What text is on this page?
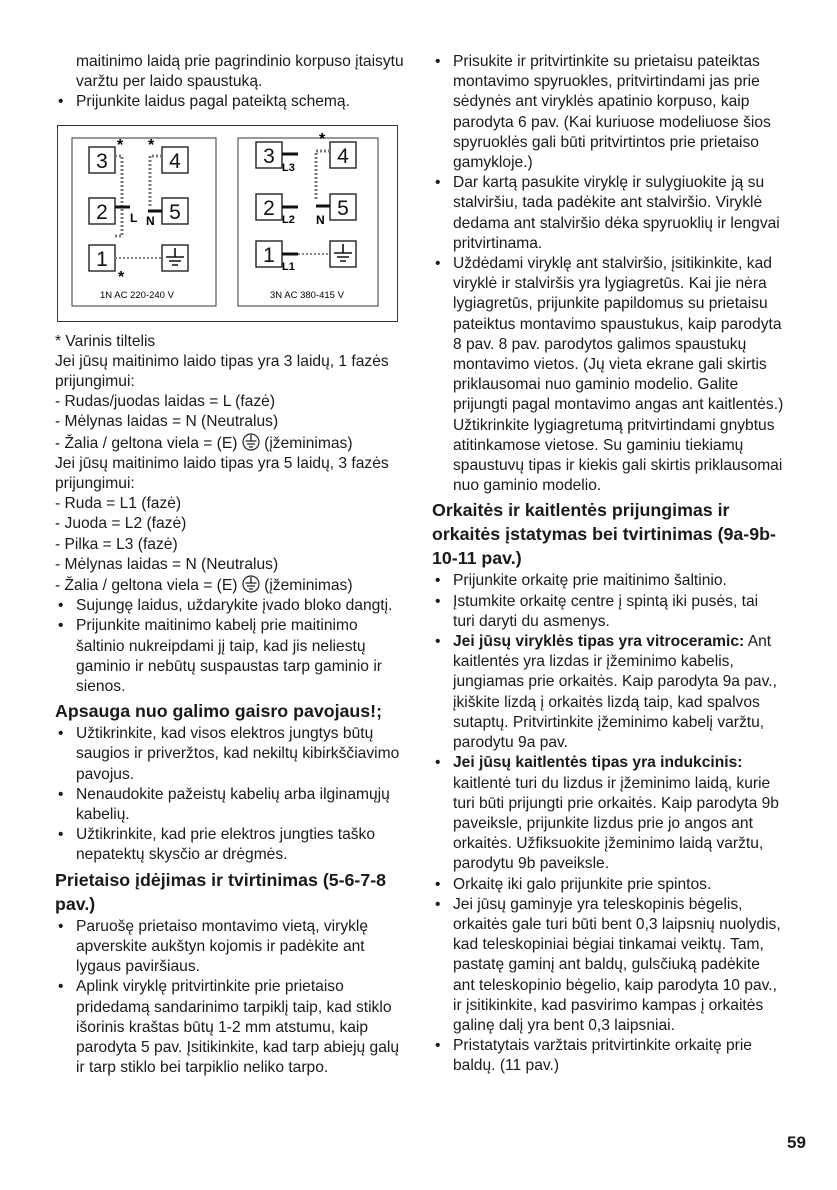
maitinimo laidą prie pagrindinio korpuso įtaisytu varžtu per laido spaustuką.

• Prijunkite laidus pagal pateiktą schemą.
3	4
2	5
1
* *
*
L N
1N AC 220-240 V
3	4
2	5
1
*
L3
L2
L1
N
3N AC 380-415 V

* Varinis tiltelis

Jei jūsų maitinimo laido tipas yra 3 laidų, 1 fazės prijungimui:

- Rudas/juodas laidas = L (fazė)

- Mėlynas laidas = N (Neutralus)

- Žalia / geltona viela = (E) (įžeminimas)

Jei jūsų maitinimo laido tipas yra 5 laidų, 3 fazės prijungimui:

- Ruda = L1 (fazė)

- Juoda = L2 (fazė)

- Pilka = L3 (fazė)

- Mėlynas laidas = N (Neutralus)

- Žalia / geltona viela = (E) (įžeminimas)

• Sujungę laidus, uždarykite įvado bloko dangtį.
• Prijunkite maitinimo kabelį prie maitinimo šaltinio nukreipdami jį taip, kad jis neliestų gaminio ir nebūtų suspaustas tarp gaminio ir sienos.

Apsauga nuo galimo gaisro pavojaus!;

• Užtikrinkite, kad visos elektros jungtys būtų saugios ir priveržtos, kad nekiltų kibirkščiavimo pavojus.
• Nenaudokite pažeistų kabelių arba ilginamųjų kabelių.
• Užtikrinkite, kad prie elektros jungties taško nepatektų skysčio ar drėgmės.

Prietaiso įdėjimas ir tvirtinimas (5-6-7-8 pav.)

• Paruošę prietaiso montavimo vietą, viryklę apverskite aukštyn kojomis ir padėkite ant lygaus paviršiaus.
• Aplink viryklę pritvirtinkite prie prietaiso pridedamą sandarinimo tarpiklį taip, kad stiklo išorinis kraštas būtų 1-2 mm atstumu, kaip parodyta 5 pav. Įsitikinkite, kad tarp abiejų galų ir tarp stiklo bei tarpiklio neliko tarpo.
• Prisukite ir pritvirtinkite su prietaisu pateiktas montavimo spyruokles, pritvirtindami jas prie sėdynės ant viryklės apatinio korpuso, kaip parodyta 6 pav. (Kai kuriuose modeliuose šios spyruoklės gali būti pritvirtintos prie prietaiso gamykloje.)
• Dar kartą pasukite viryklę ir sulygiuokite ją su stalviršiu, tada padėkite ant stalviršio. Viryklė dedama ant stalviršio dėka spyruoklių ir lengvai pritvirtinama.
• Uždėdami viryklę ant stalviršio, įsitikinkite, kad viryklė ir stalviršis yra lygiagretūs. Kai jie nėra lygiagretūs, prijunkite papildomus su prietaisu pateiktus montavimo spaustukus, kaip parodyta 8 pav. 8 pav. parodytos galimos spaustukų montavimo vietos. (Jų vieta ekrane gali skirtis priklausomai nuo gaminio modelio. Galite prijungti pagal montavimo angas ant kaitlentės.) Užtikrinkite lygiagretumą pritvirtindami gnybtus atitinkamose vietose. Su gaminiu tiekiamų spaustuvų tipas ir kiekis gali skirtis priklausomai nuo gaminio modelio.

Orkaitės ir kaitlentės prijungimas ir orkaitės įstatymas bei tvirtinimas (9a-9b-10-11 pav.)

• Prijunkite orkaitę prie maitinimo šaltinio.
• Įstumkite orkaitę centre į spintą iki pusės, tai turi daryti du asmenys.
• Jei jūsų viryklės tipas yra vitroceramic: Ant kaitlentės yra lizdas ir įžeminimo kabelis, jungiamas prie orkaitės. Kaip parodyta 9a pav., įkiškite lizdą į orkaitės lizdą taip, kad spalvos sutaptų. Pritvirtinkite įžeminimo kabelį varžtu, parodytu 9a pav.
• Jei jūsų kaitlentės tipas yra indukcinis: kaitlentė turi du lizdus ir įžeminimo laidą, kurie turi būti prijungti prie orkaitės. Kaip parodyta 9b paveiksle, prijunkite lizdus prie jo angos ant orkaitės. Užfiksuokite įžeminimo laidą varžtu, parodytu 9b paveiksle.
• Orkaitę iki galo prijunkite prie spintos.
• Jei jūsų gaminyje yra teleskopinis bėgelis, orkaitės gale turi būti bent 0,3 laipsnių nuolydis, kad teleskopiniai bėgiai tinkamai veiktų. Tam, pastatę gaminį ant baldų, gulsčiuką padėkite ant teleskopinio bėgelio, kaip parodyta 10 pav., ir įsitikinkite, kad pasvirimo kampas į orkaitės galinę dalį yra bent 0,3 laipsniai.
• Pristatytais varžtais pritvirtinkite orkaitę prie baldų. (11 pav.)
59
